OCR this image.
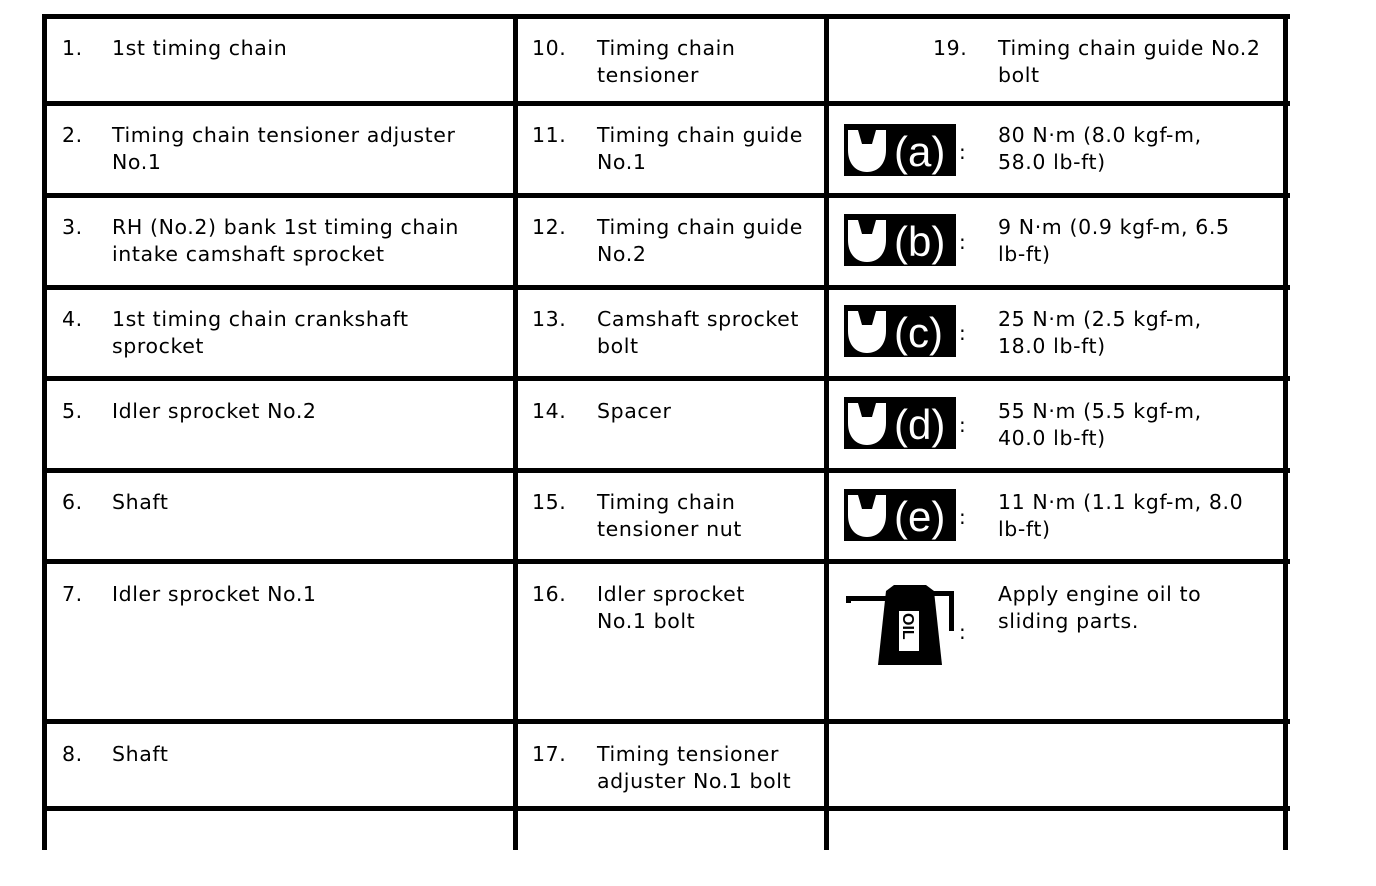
1. 1st timing chain
2. Timing chain tensioner adjuster
No.1
3. RH (No.2) bank 1st timing chain
intake camshaft sprocket
4. 1st timing chain crankshaft
sprocket
5. Idler sprocket No.2
6. Shaft
7. Idler sprocket No.1
8. Shaft
10. Timing chain
tensioner
11. Timing chain guide
No.1
12. Timing chain guide
No.2
13. Camshaft sprocket
bolt
14. Spacer
15. Timing chain
tensioner nut
16. Idler sprocket
No.1 bolt
17. Timing tensioner
adjuster No.1 bolt
19. Timing chain guide No.2
bolt
(a)
(b)
(c)
(d)
(e)
:
:
:
:
:
:
80 N·m (8.0 kgf-m,
58.0 lb-ft)
9 N·m (0.9 kgf-m, 6.5
lb-ft)
25 N·m (2.5 kgf-m,
18.0 lb-ft)
55 N·m (5.5 kgf-m,
40.0 lb-ft)
11 N·m (1.1 kgf-m, 8.0
lb-ft)
OIL
Apply engine oil to
sliding parts.
